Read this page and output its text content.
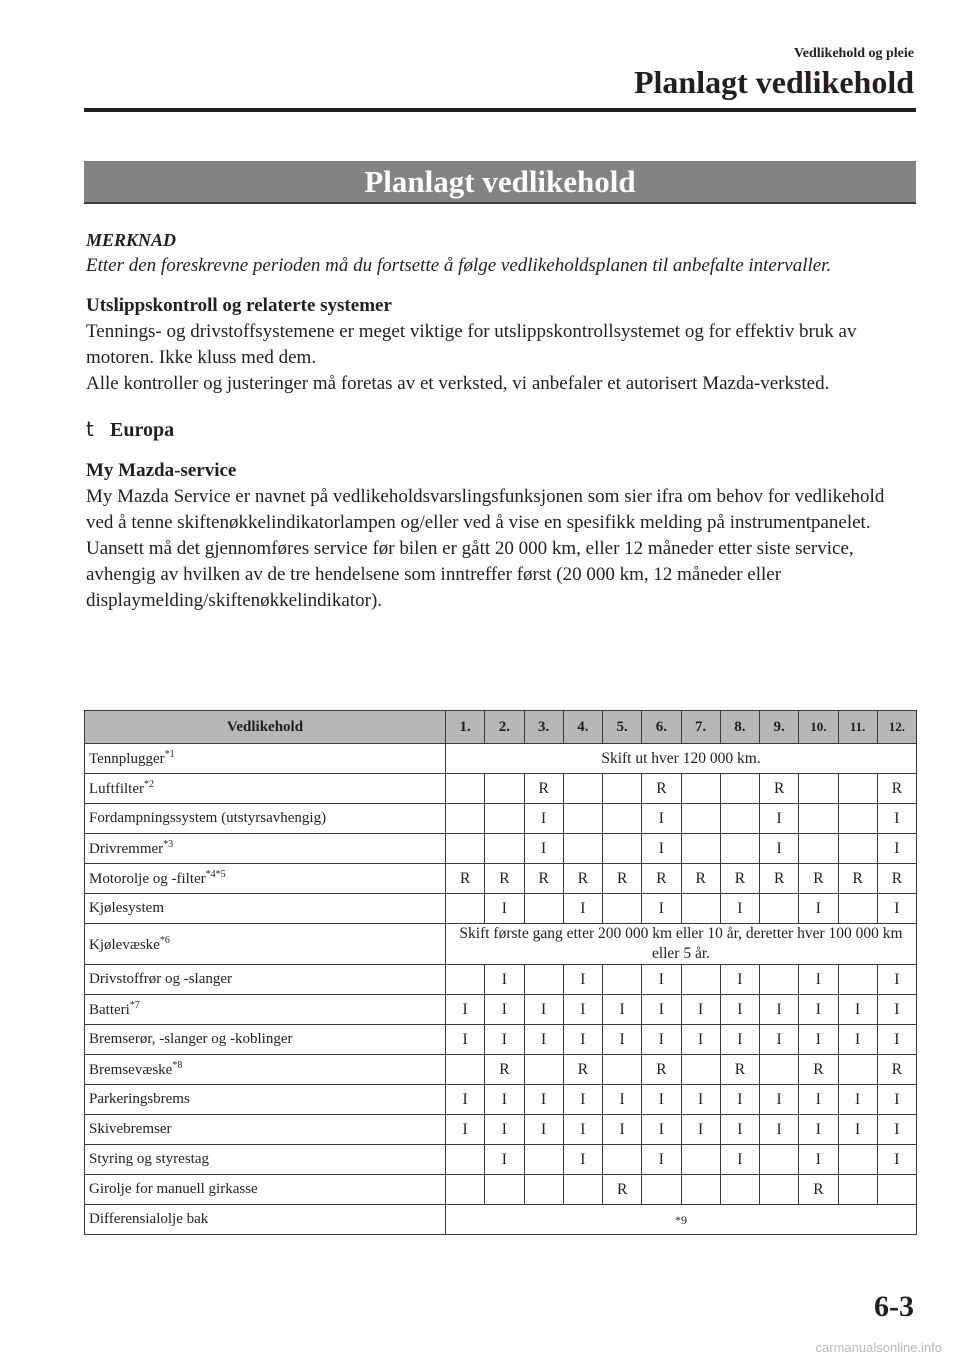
Vedlikehold og pleie
Planlagt vedlikehold
Planlagt vedlikehold
MERKNAD
Etter den foreskrevne perioden må du fortsette å følge vedlikeholdsplanen til anbefalte intervaller.
Utslippskontroll og relaterte systemer
Tennings- og drivstoffsystemene er meget viktige for utslippskontrollsystemet og for effektiv bruk av motoren. Ikke kluss med dem.
Alle kontroller og justeringer må foretas av et verksted, vi anbefaler et autorisert Mazda-verksted.
t Europa
My Mazda-service
My Mazda Service er navnet på vedlikeholdsvarslingsfunksjonen som sier ifra om behov for vedlikehold ved å tenne skiftenøkkelindikatorlampen og/eller ved å vise en spesifikk melding på instrumentpanelet.
Uansett må det gjennomføres service før bilen er gått 20 000 km, eller 12 måneder etter siste service, avhengig av hvilken av de tre hendelsene som inntreffer først (20 000 km, 12 måneder eller displaymelding/skiftenøkkelindikator).
Vedlikehold	1.	2.	3.	4.	5.	6.	7.	8.	9.	10.	11.	12.
Tennplugger$^{*1}$	Skift ut hver 120 000 km.											
Luftfilter$^{*2}$			R			R			R			R
Fordampningssystem (utstyrsavhengig)			I			I			I			I
Drivremmer$^{*3}$			I			I			I			I
Motorolje og -filter$^{*4*5}$	R	R	R	R	R	R	R	R	R	R	R	R
Kjølesystem		I		I		I		I		I		I
Kjølevæske$^{*6}$	Skift første gang etter 200 000 km eller 10 år, deretter hver 100 000 km eller 5 år.											
Drivstoffrør og -slanger		I		I		I		I		I		I
Batteri$^{*7}$	I	I	I	I	I	I	I	I	I	I	I	I
Bremserør, -slanger og -koblinger	I	I	I	I	I	I	I	I	I	I	I	I
Bremsevæske$^{*8}$		R		R		R		R		R		R
Parkeringsbrems	I	I	I	I	I	I	I	I	I	I	I	I
Skivebremser	I	I	I	I	I	I	I	I	I	I	I	I
Styring og styrestag		I		I		I		I		I		I
Girolje for manuell girkasse					R					R		
Differensialolje bak	*9											
6-3
carmanualsonline.info
